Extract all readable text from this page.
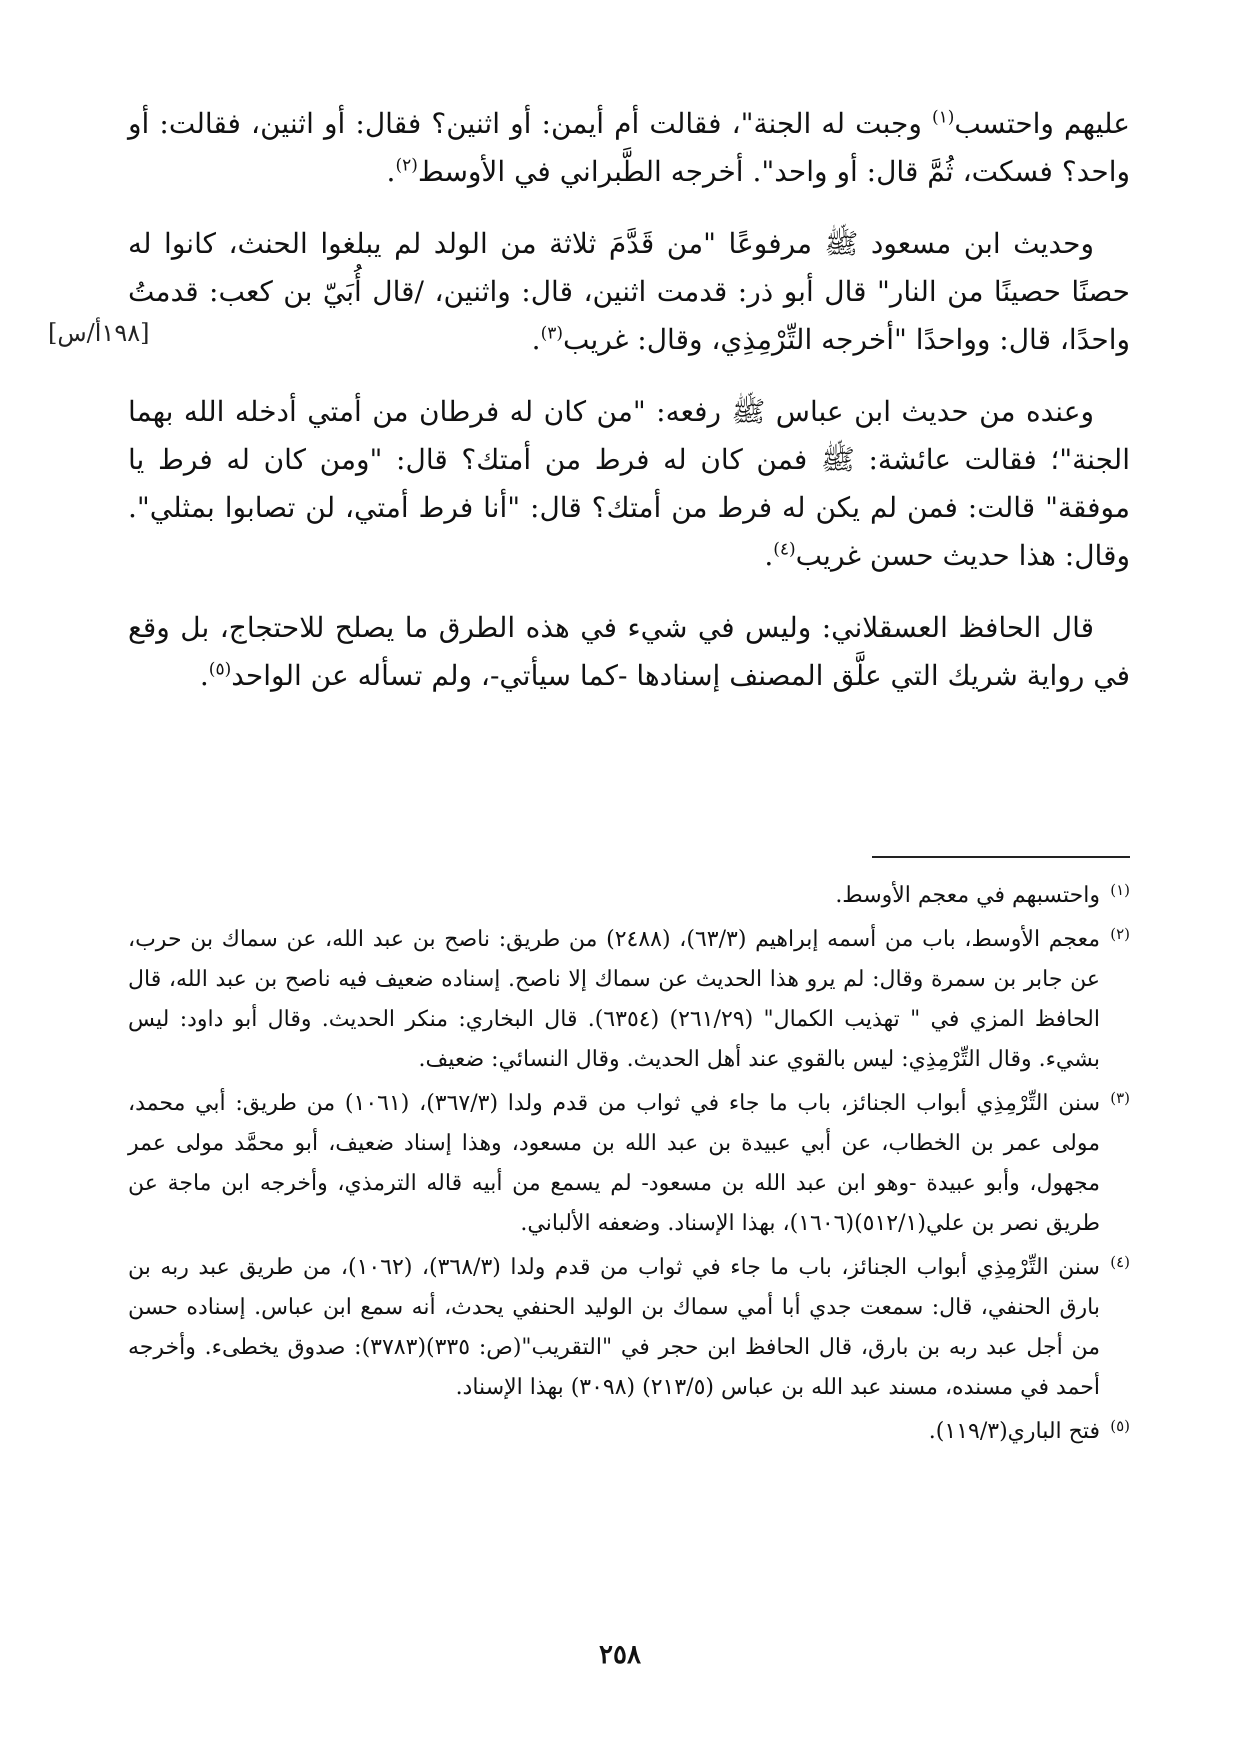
[١٩٨أ/س]

عليهم واحتسب$^{(١)}$ وجبت له الجنة"، فقالت أم أيمن: أو اثنين؟ فقال: أو اثنين، فقالت: أو واحد؟ فسكت، ثُمَّ قال: أو واحد". أخرجه الطَّبراني في الأوسط$^{(٢)}$.

وحديث ابن مسعود ﷺ مرفوعًا "من قَدَّمَ ثلاثة من الولد لم يبلغوا الحنث، كانوا له حصنًا حصينًا من النار" قال أبو ذر: قدمت اثنين، قال: واثنين، /قال أُبَيّ بن كعب: قدمتُ واحدًا، قال: وواحدًا "أخرجه التِّرْمِذِي، وقال: غريب$^{(٣)}$.

وعنده من حديث ابن عباس ﷺ رفعه: "من كان له فرطان من أمتي أدخله الله بهما الجنة"؛ فقالت عائشة: ﷺ فمن كان له فرط من أمتك؟ قال: "ومن كان له فرط يا موفقة" قالت: فمن لم يكن له فرط من أمتك؟ قال: "أنا فرط أمتي، لن تصابوا بمثلي". وقال: هذا حديث حسن غريب$^{(٤)}$.

قال الحافظ العسقلاني: وليس في شيء في هذه الطرق ما يصلح للاحتجاج، بل وقع في رواية شريك التي علَّق المصنف إسنادها -كما سيأتي-، ولم تسأله عن الواحد$^{(٥)}$.

(١)
واحتسبهم في معجم الأوسط.

(٢)
معجم الأوسط، باب من أسمه إبراهيم (٦٣/٣)، (٢٤٨٨) من طريق: ناصح بن عبد الله، عن سماك بن حرب، عن جابر بن سمرة وقال: لم يرو هذا الحديث عن سماك إلا ناصح. إسناده ضعيف فيه ناصح بن عبد الله، قال الحافظ المزي في " تهذيب الكمال" (٢٦١/٢٩) (٦٣٥٤). قال البخاري: منكر الحديث. وقال أبو داود: ليس بشيء. وقال التِّرْمِذِي: ليس بالقوي عند أهل الحديث. وقال النسائي: ضعيف.

(٣)
سنن التِّرْمِذِي أبواب الجنائز، باب ما جاء في ثواب من قدم ولدا (٣٦٧/٣)، (١٠٦١) من طريق: أبي محمد، مولى عمر بن الخطاب، عن أبي عبيدة بن عبد الله بن مسعود، وهذا إسناد ضعيف، أبو محمَّد مولى عمر مجهول، وأبو عبيدة -وهو ابن عبد الله بن مسعود- لم يسمع من أبيه قاله الترمذي، وأخرجه ابن ماجة عن طريق نصر بن علي(٥١٢/١)(١٦٠٦)، بهذا الإسناد. وضعفه الألباني.

(٤)
سنن التِّرْمِذِي أبواب الجنائز، باب ما جاء في ثواب من قدم ولدا (٣٦٨/٣)، (١٠٦٢)، من طريق عبد ربه بن بارق الحنفي، قال: سمعت جدي أبا أمي سماك بن الوليد الحنفي يحدث، أنه سمع ابن عباس. إسناده حسن من أجل عبد ربه بن بارق، قال الحافظ ابن حجر في "التقريب"(ص: ٣٣٥)(٣٧٨٣): صدوق يخطىء. وأخرجه أحمد في مسنده، مسند عبد الله بن عباس (٢١٣/٥) (٣٠٩٨) بهذا الإسناد.

(٥)
فتح الباري(١١٩/٣).

٢٥٨
